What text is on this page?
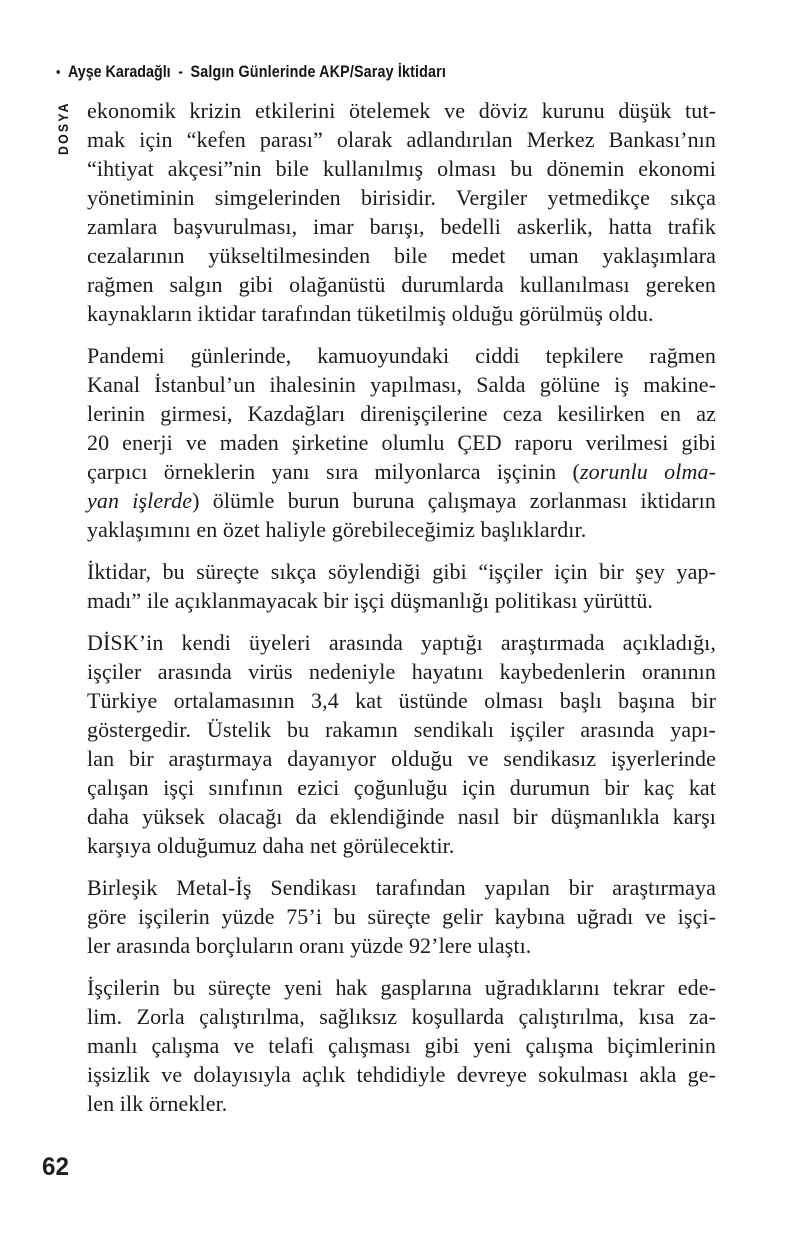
• Ayşe Karadağlı - Salgın Günlerinde AKP/Saray İktidarı
DOSYA ekonomik krizin etkilerini ötelemek ve döviz kurunu düşük tut-
mak için “kefen parası” olarak adlandırılan Merkez Bankası’nın
“ihtiyat akçesi”nin bile kullanılmış olması bu dönemin ekonomi
yönetiminin simgelerinden birisidir. Vergiler yetmedikçe sıkça
zamlara başvurulması, imar barışı, bedelli askerlik, hatta trafik
cezalarının yükseltilmesinden bile medet uman yaklaşımlara
rağmen salgın gibi olağanüstü durumlarda kullanılması gereken
kaynakların iktidar tarafından tüketilmiş olduğu görülmüş oldu.

Pandemi günlerinde, kamuoyundaki ciddi tepkilere rağmen
Kanal İstanbul’un ihalesinin yapılması, Salda gölüne iş makine-
lerinin girmesi, Kazdağları direnişçilerine ceza kesilirken en az
20 enerji ve maden şirketine olumlu ÇED raporu verilmesi gibi
çarpıcı örneklerin yanı sıra milyonlarca işçinin (zorunlu olma-
yan işlerde) ölümle burun buruna çalışmaya zorlanması iktidarın
yaklaşımını en özet haliyle görebileceğimiz başlıklardır.

İktidar, bu süreçte sıkça söylendiği gibi “işçiler için bir şey yap-
madı” ile açıklanmayacak bir işçi düşmanlığı politikası yürüttü.

DİSK’in kendi üyeleri arasında yaptığı araştırmada açıkladığı,
işçiler arasında virüs nedeniyle hayatını kaybedenlerin oranının
Türkiye ortalamasının 3,4 kat üstünde olması başlı başına bir
göstergedir. Üstelik bu rakamın sendikalı işçiler arasında yapı-
lan bir araştırmaya dayanıyor olduğu ve sendikasız işyerlerinde
çalışan işçi sınıfının ezici çoğunluğu için durumun bir kaç kat
daha yüksek olacağı da eklendiğinde nasıl bir düşmanlıkla karşı
karşıya olduğumuz daha net görülecektir.

Birleşik Metal-İş Sendikası tarafından yapılan bir araştırmaya
göre işçilerin yüzde 75’i bu süreçte gelir kaybına uğradı ve işçi-
ler arasında borçluların oranı yüzde 92’lere ulaştı.

İşçilerin bu süreçte yeni hak gasplarına uğradıklarını tekrar ede-
lim. Zorla çalıştırılma, sağlıksız koşullarda çalıştırılma, kısa za-
manlı çalışma ve telafi çalışması gibi yeni çalışma biçimlerinin
işsizlik ve dolayısıyla açlık tehdidiyle devreye sokulması akla ge-
len ilk örnekler.

62
